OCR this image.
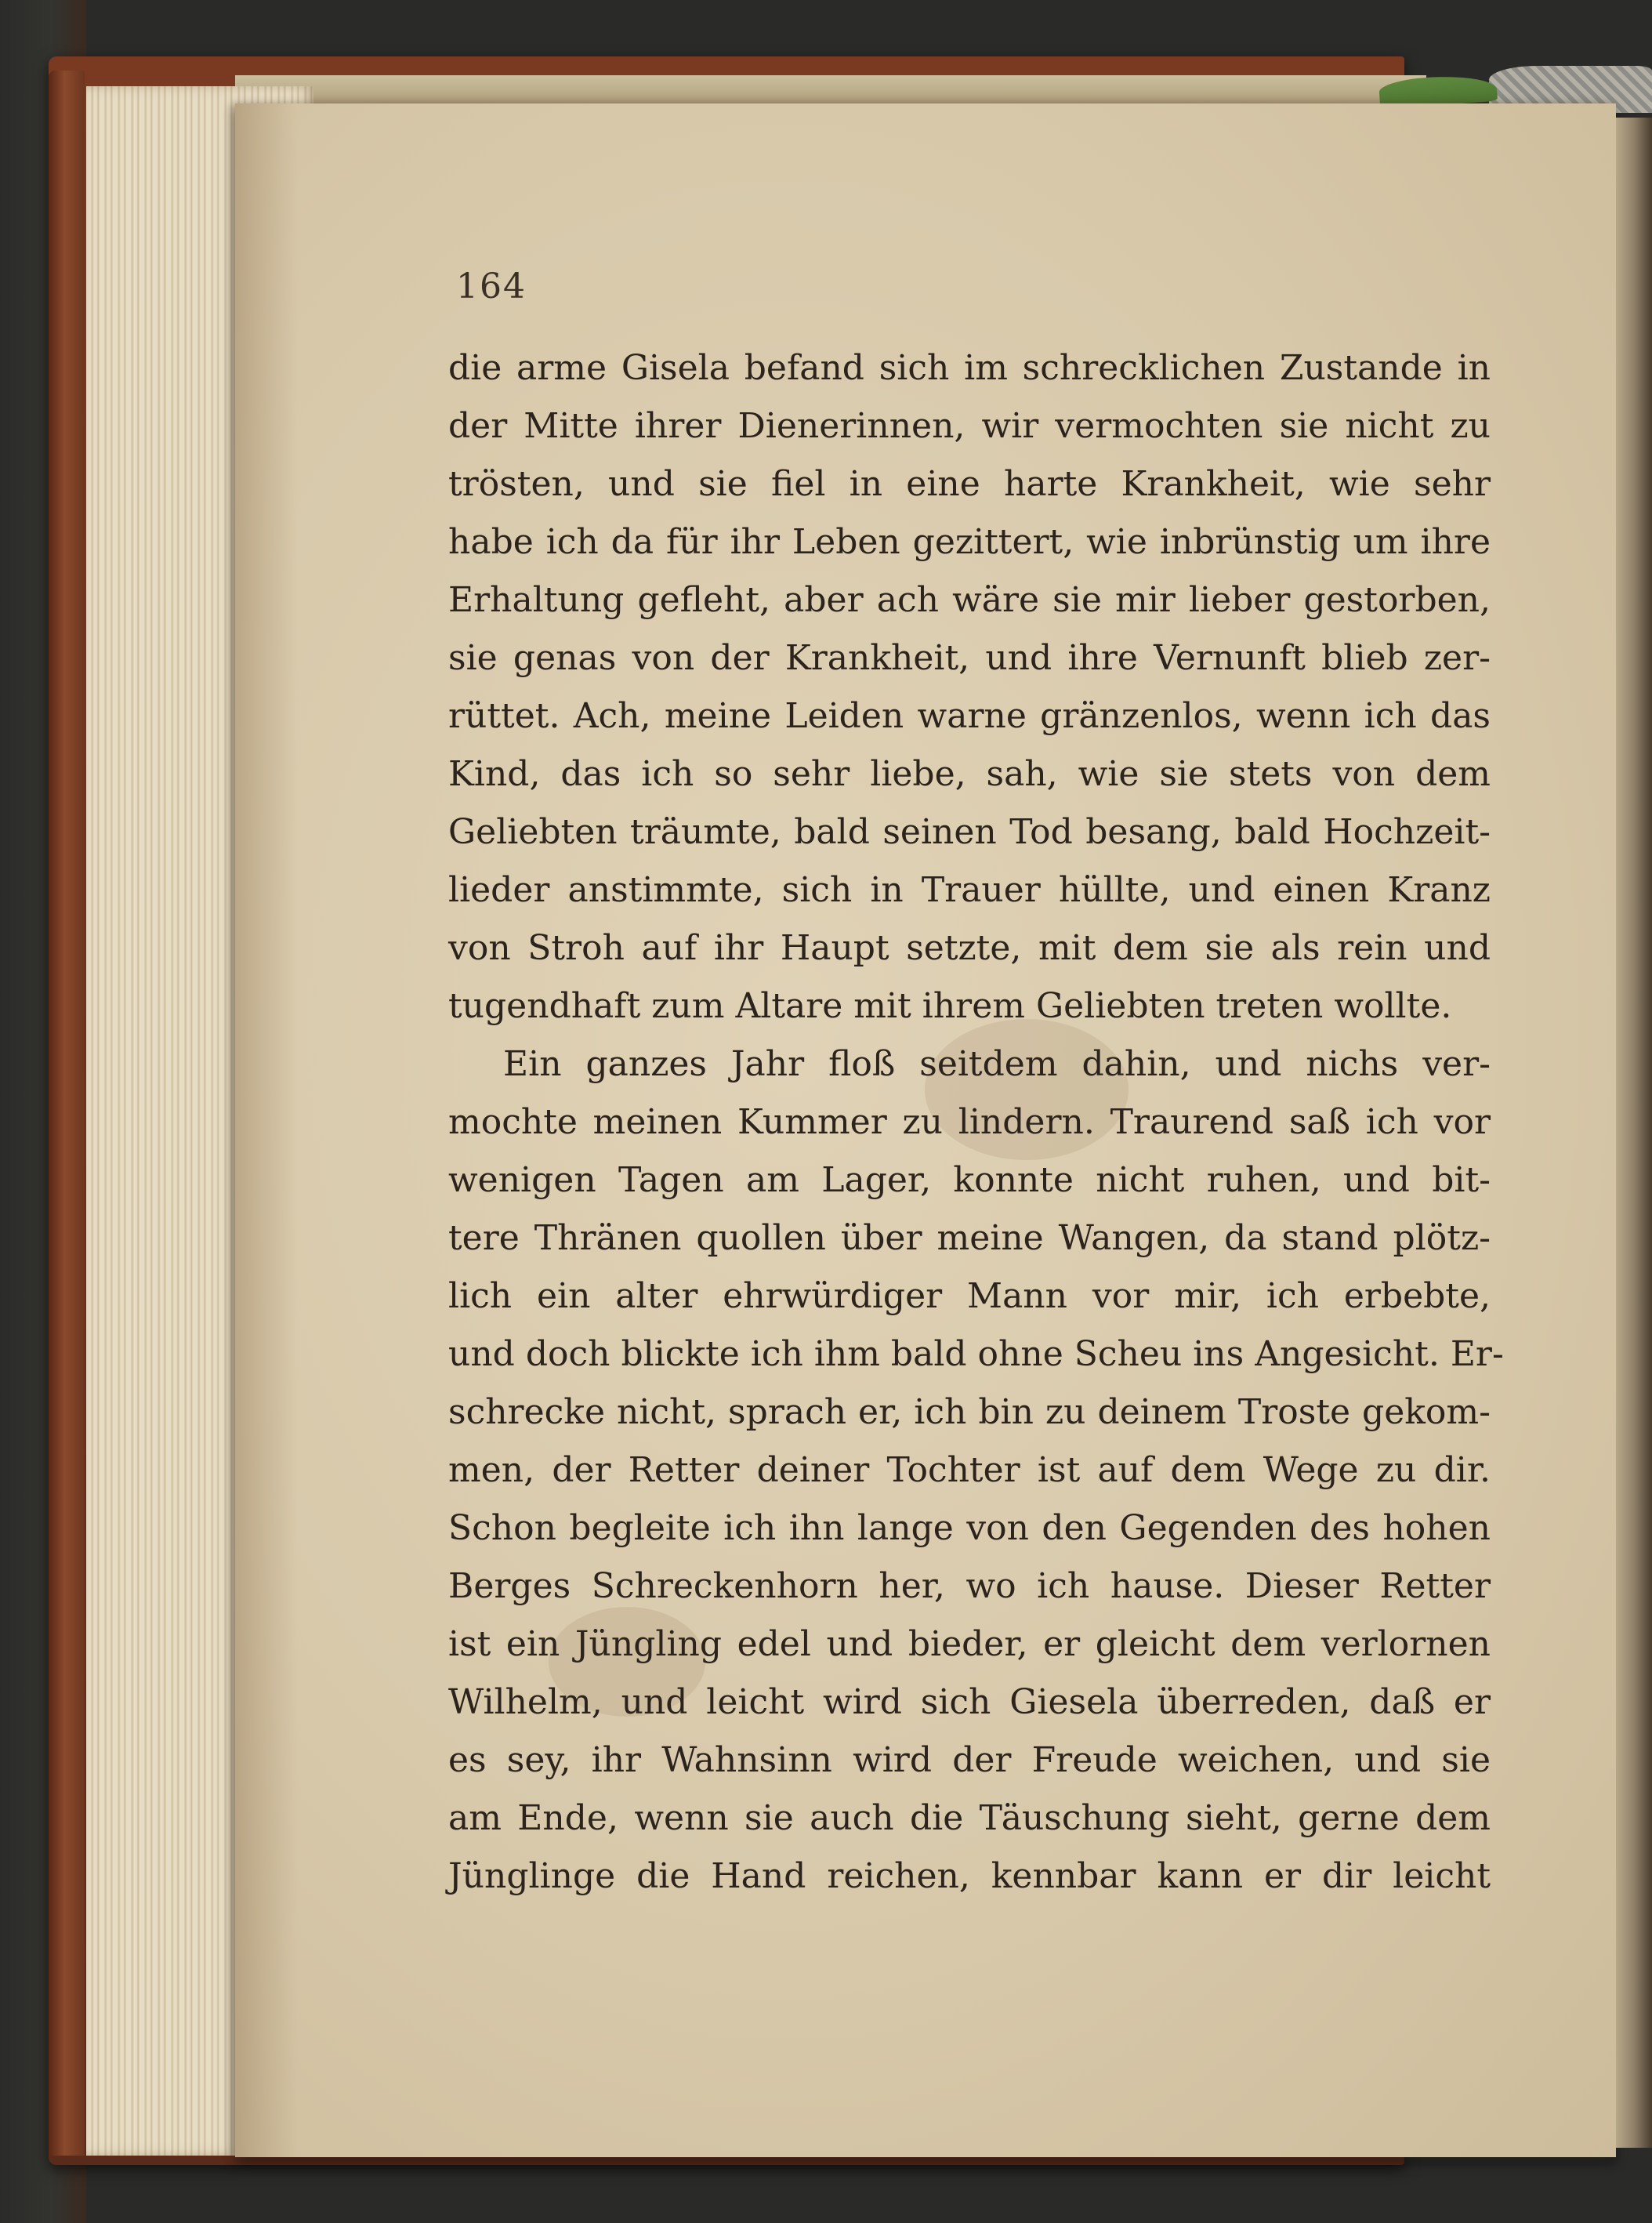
164
die arme Gisela befand sich im schrecklichen Zustande in
der Mitte ihrer Dienerinnen, wir vermochten sie nicht zu
trösten, und sie fiel in eine harte Krankheit, wie sehr
habe ich da für ihr Leben gezittert, wie inbrünstig um ihre
Erhaltung gefleht, aber ach wäre sie mir lieber gestorben,
sie genas von der Krankheit, und ihre Vernunft blieb zer-
rüttet. Ach, meine Leiden warne gränzenlos, wenn ich das
Kind, das ich so sehr liebe, sah, wie sie stets von dem
Geliebten träumte, bald seinen Tod besang, bald Hochzeit-
lieder anstimmte, sich in Trauer hüllte, und einen Kranz
von Stroh auf ihr Haupt setzte, mit dem sie als rein und
tugendhaft zum Altare mit ihrem Geliebten treten wollte.
Ein ganzes Jahr floß seitdem dahin, und nichs ver-
mochte meinen Kummer zu lindern. Traurend saß ich vor
wenigen Tagen am Lager, konnte nicht ruhen, und bit-
tere Thränen quollen über meine Wangen, da stand plötz-
lich ein alter ehrwürdiger Mann vor mir, ich erbebte,
und doch blickte ich ihm bald ohne Scheu ins Angesicht. Er-
schrecke nicht, sprach er, ich bin zu deinem Troste gekom-
men, der Retter deiner Tochter ist auf dem Wege zu dir.
Schon begleite ich ihn lange von den Gegenden des hohen
Berges Schreckenhorn her, wo ich hause. Dieser Retter
ist ein Jüngling edel und bieder, er gleicht dem verlornen
Wilhelm, und leicht wird sich Giesela überreden, daß er
es sey, ihr Wahnsinn wird der Freude weichen, und sie
am Ende, wenn sie auch die Täuschung sieht, gerne dem
Jünglinge die Hand reichen, kennbar kann er dir leicht
